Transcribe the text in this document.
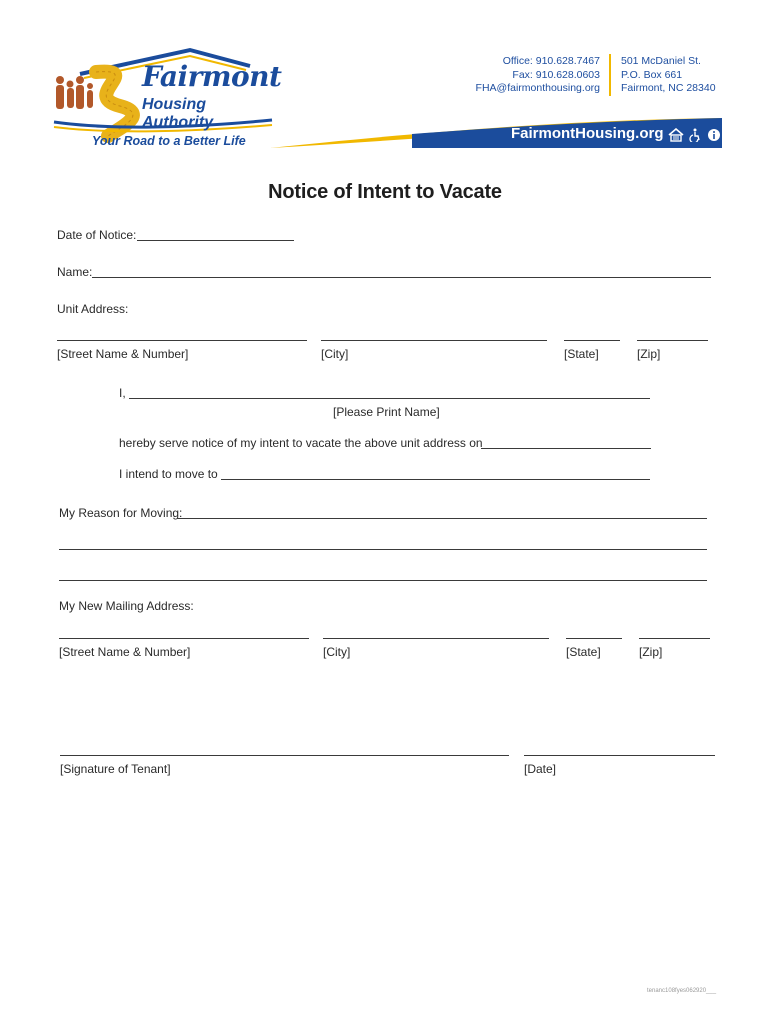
Fairmont
Housing Authority
Your Road to a Better Life
Office: 910.628.7467
Fax: 910.628.0603
FHA@fairmonthousing.org
501 McDaniel St.
P.O. Box 661
Fairmont, NC 28340
FairmontHousing.org

Notice of Intent to Vacate
Date of Notice:
Name:
Unit Address:
[Street Name & Number]	[City]	[State]	[Zip]
I,
[Please Print Name]
hereby serve notice of my intent to vacate the above unit address on
I intend to move to
My Reason for Moving:
My New Mailing Address:
[Street Name & Number]	[City]	[State]	[Zip]
[Signature of Tenant]	[Date]
tenanc108fyes062920___
